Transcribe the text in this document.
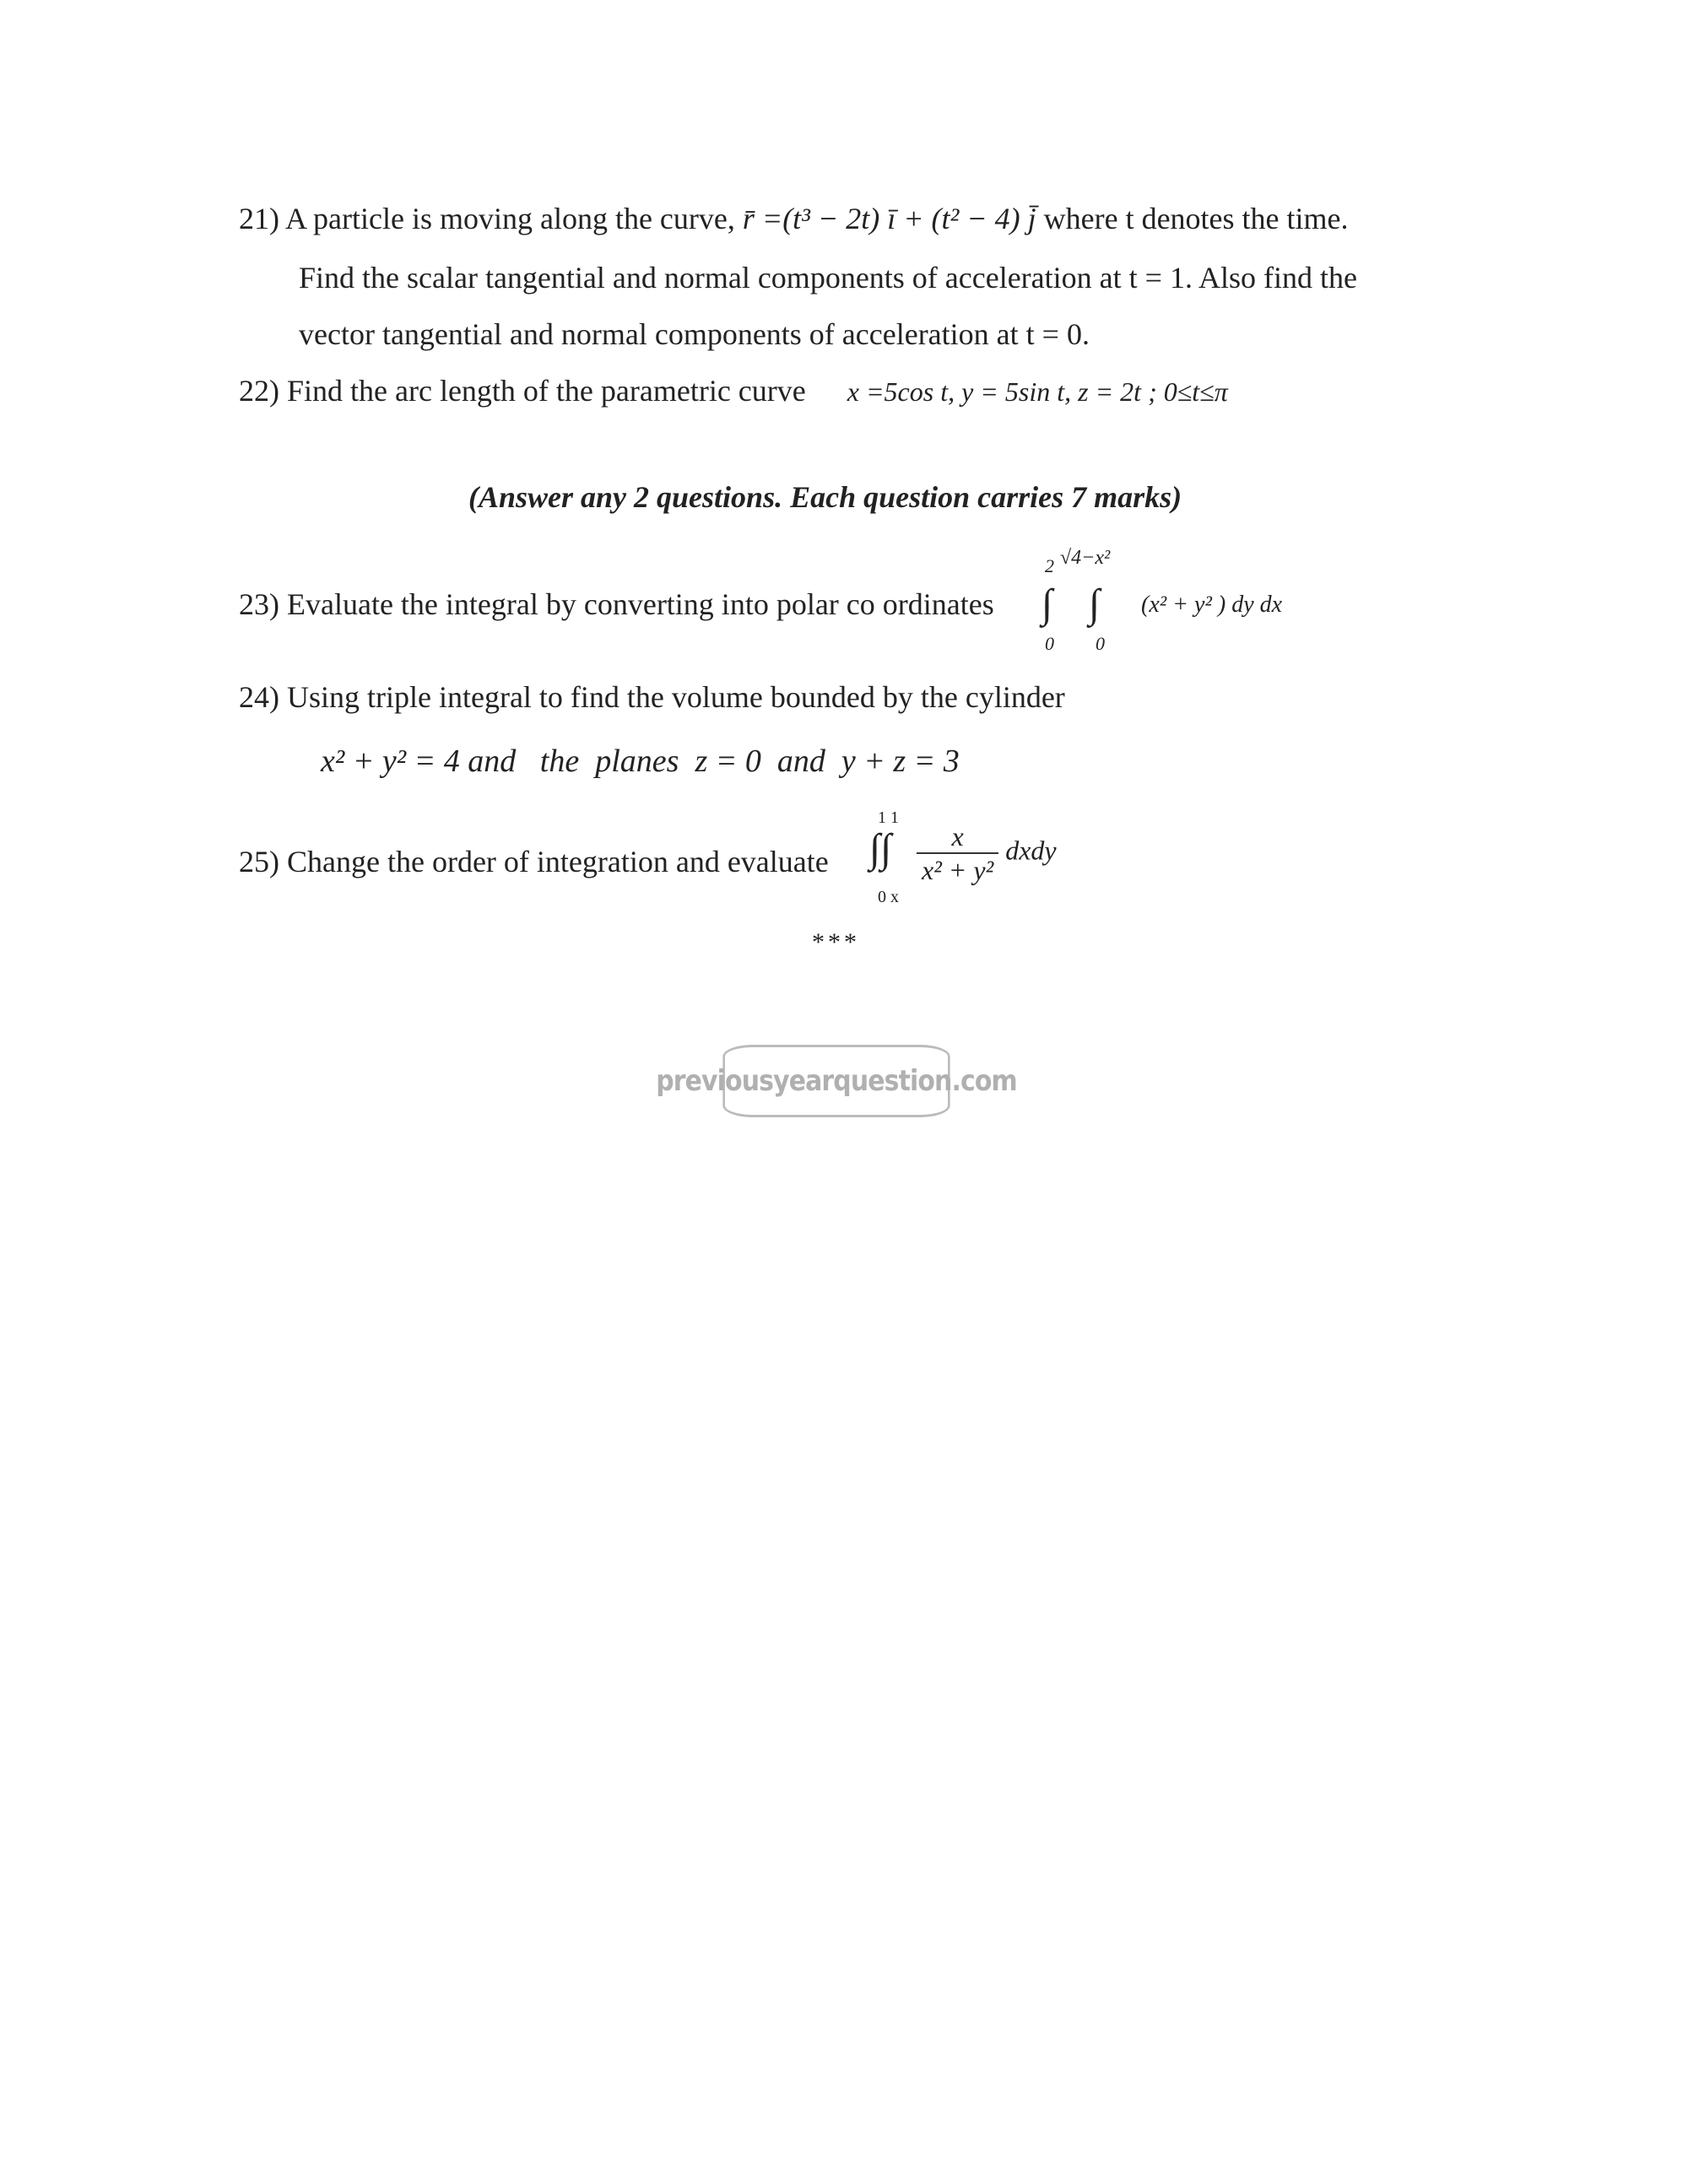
21) A particle is moving along the curve, r̄ =(t³ − 2t) ī + (t² − 4) j̄ where t denotes the time.
Find the scalar tangential and normal components of acceleration at t = 1. Also find the
vector tangential and normal components of acceleration at t = 0.
22) Find the arc length of the parametric curve x =5cos t, y = 5sin t, z = 2t ; 0≤t≤π
(Answer any 2 questions. Each question carries 7 marks)
23) Evaluate the integral by converting into polar co ordinates
2 √4−x²
∫ ∫
0 0
(x² + y² ) dy dx
24) Using triple integral to find the volume bounded by the cylinder
x² + y² = 4 and   the  planes  z = 0  and  y + z = 3
25) Change the order of integration and evaluate
1 1
∫∫
0 x
$\frac{x}{\text{x² + y²}}$ dxdy
***
previousyearquestion.com
